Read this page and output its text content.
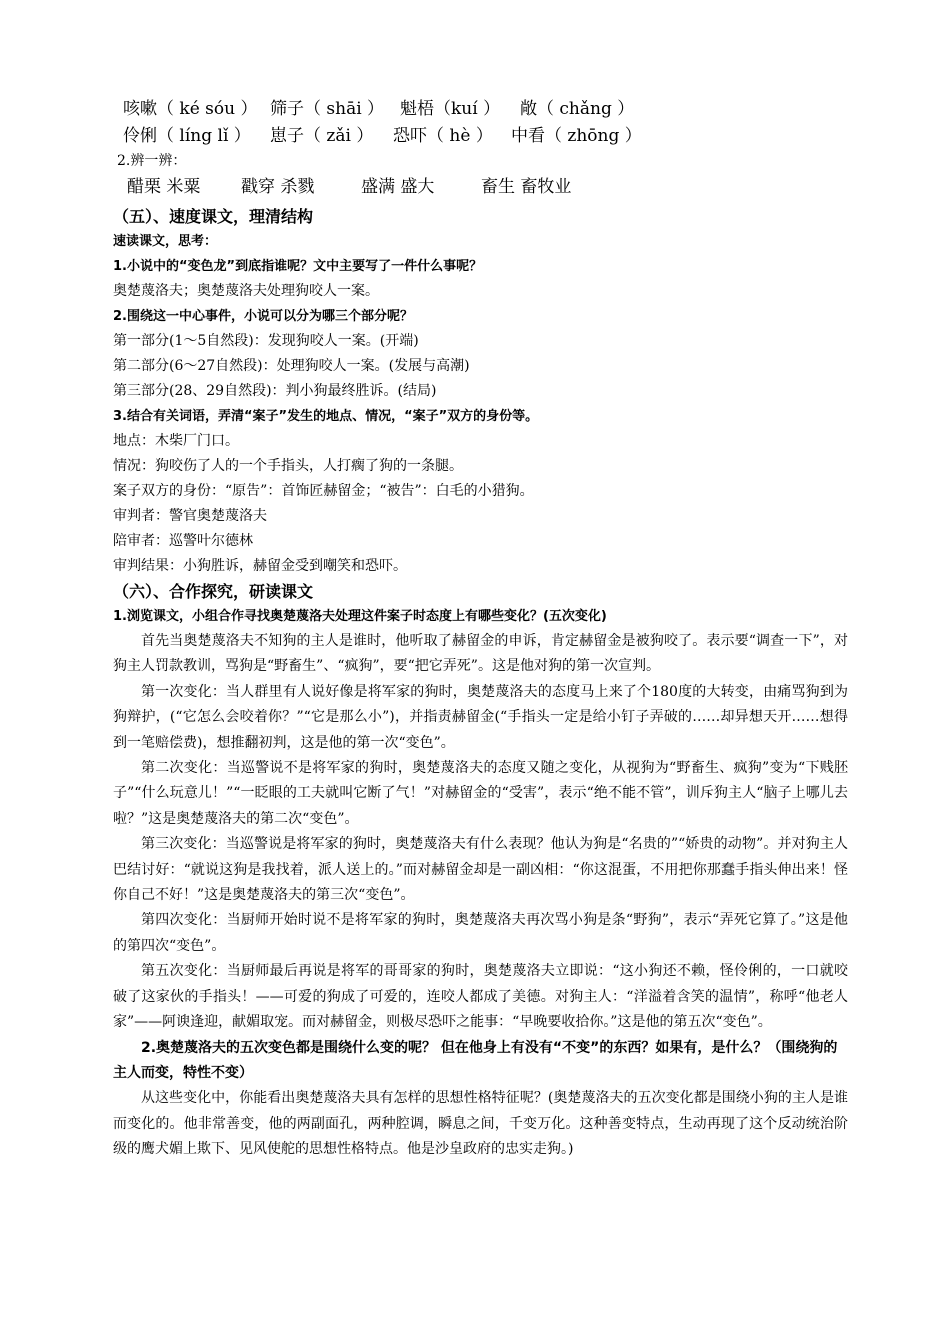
咳嗽（ ké sóu ） 筛子（ shāi ） 魁梧（kuí ） 敞（ chǎng ）
伶俐（ líng lǐ ） 崽子（ zǎi ） 恐吓（ hè ） 中看（ zhōng ）
2.辨一辨：
醋栗 米粟 戳穿 杀戮	盛满 盛大	畜生 畜牧业
（五）、速度课文，理清结构
速读课文，思考：
1.小说中的“变色龙”到底指谁呢？文中主要写了一件什么事呢？
奥楚蔑洛夫；奥楚蔑洛夫处理狗咬人一案。
2.围绕这一中心事件，小说可以分为哪三个部分呢？
第一部分(1～5自然段)：发现狗咬人一案。(开端)
第二部分(6～27自然段)：处理狗咬人一案。(发展与高潮)
第三部分(28、29自然段)：判小狗最终胜诉。(结局)
3.结合有关词语，弄清“案子”发生的地点、情况，“案子”双方的身份等。
地点：木柴厂门口。
情况：狗咬伤了人的一个手指头，人打瘸了狗的一条腿。
案子双方的身份：“原告”：首饰匠赫留金；“被告”：白毛的小猎狗。
审判者：警官奥楚蔑洛夫
陪审者：巡警叶尔德林
审判结果：小狗胜诉，赫留金受到嘲笑和恐吓。
（六）、合作探究，研读课文
1.浏览课文，小组合作寻找奥楚蔑洛夫处理这件案子时态度上有哪些变化？(五次变化)

首先当奥楚蔑洛夫不知狗的主人是谁时，他听取了赫留金的申诉，肯定赫留金是被狗咬了。表示要“调查一下”，对狗主人罚款教训，骂狗是“野畜生”、“疯狗”，要“把它弄死”。这是他对狗的第一次宣判。

第一次变化：当人群里有人说好像是将军家的狗时，奥楚蔑洛夫的态度马上来了个180度的大转变，由痛骂狗到为狗辩护，(“它怎么会咬着你？”“它是那么小”)，并指责赫留金(“手指头一定是给小钉子弄破的……却异想天开……想得到一笔赔偿费)，想推翻初判，这是他的第一次“变色”。

第二次变化：当巡警说不是将军家的狗时，奥楚蔑洛夫的态度又随之变化，从视狗为“野畜生、疯狗”变为“下贱胚子”“什么玩意儿！”“一眨眼的工夫就叫它断了气！”对赫留金的“受害”，表示“绝不能不管”，训斥狗主人“脑子上哪儿去啦？”这是奥楚蔑洛夫的第二次“变色”。

第三次变化：当巡警说是将军家的狗时，奥楚蔑洛夫有什么表现？他认为狗是“名贵的”“娇贵的动物”。并对狗主人巴结讨好：“就说这狗是我找着，派人送上的。”而对赫留金却是一副凶相：“你这混蛋，不用把你那蠢手指头伸出来！怪你自己不好！”这是奥楚蔑洛夫的第三次“变色”。

第四次变化：当厨师开始时说不是将军家的狗时，奥楚蔑洛夫再次骂小狗是条“野狗”，表示“弄死它算了。”这是他的第四次“变色”。

第五次变化：当厨师最后再说是将军的哥哥家的狗时，奥楚蔑洛夫立即说：“这小狗还不赖，怪伶俐的，一口就咬破了这家伙的手指头！——可爱的狗成了可爱的，连咬人都成了美德。对狗主人：“洋溢着含笑的温情”，称呼“他老人家”——阿谀逢迎，献媚取宠。而对赫留金，则极尽恐吓之能事：“早晚要收拾你。”这是他的第五次“变色”。

2.奥楚蔑洛夫的五次变色都是围绕什么变的呢？ 但在他身上有没有“不变”的东西？如果有，是什么？（围绕狗的主人而变，特性不变）

从这些变化中，你能看出奥楚蔑洛夫具有怎样的思想性格特征呢？(奥楚蔑洛夫的五次变化都是围绕小狗的主人是谁而变化的。他非常善变，他的两副面孔，两种腔调，瞬息之间，千变万化。这种善变特点，生动再现了这个反动统治阶级的鹰犬媚上欺下、见风使舵的思想性格特点。他是沙皇政府的忠实走狗。)
